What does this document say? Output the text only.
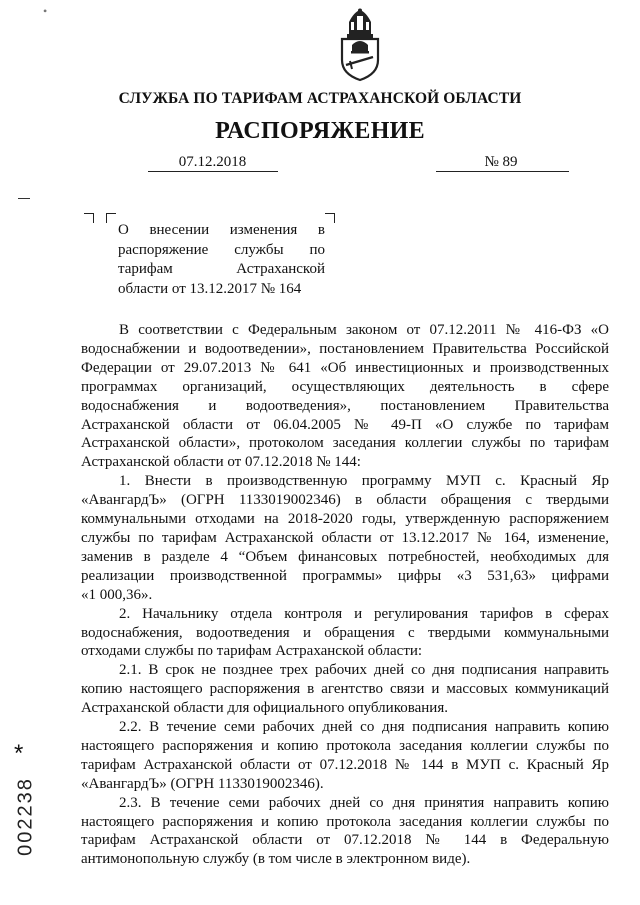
•
СЛУЖБА ПО ТАРИФАМ АСТРАХАНСКОЙ ОБЛАСТИ
РАСПОРЯЖЕНИЕ
07.12.2018	№ 89
О внесении изменения в
распоряжение службы по
тарифам Астраханской
области от 13.12.2017 № 164
В соответствии с Федеральным законом от 07.12.2011 № 416-ФЗ «О
водоснабжении и водоотведении», постановлением Правительства Российской
Федерации от 29.07.2013 № 641 «Об инвестиционных и производственных
программах организаций, осуществляющих деятельность в сфере
водоснабжения и водоотведения», постановлением Правительства
Астраханской области от 06.04.2005 № 49-П «О службе по тарифам
Астраханской области», протоколом заседания коллегии службы по тарифам
Астраханской области от 07.12.2018 № 144:
1. Внести в производственную программу МУП с. Красный Яр
«АвангардЪ» (ОГРН 1133019002346) в области обращения с твердыми
коммунальными отходами на 2018-2020 годы, утвержденную распоряжением
службы по тарифам Астраханской области от 13.12.2017 № 164, изменение,
заменив в разделе 4 “Объем финансовых потребностей, необходимых для
реализации производственной программы» цифры «3 531,63» цифрами
«1 000,36».
2. Начальнику отдела контроля и регулирования тарифов в сферах
водоснабжения, водоотведения и обращения с твердыми коммунальными
отходами службы по тарифам Астраханской области:
2.1. В срок не позднее трех рабочих дней со дня подписания направить
копию настоящего распоряжения в агентство связи и массовых коммуникаций
Астраханской области для официального опубликования.
2.2. В течение семи рабочих дней со дня подписания направить копию
настоящего распоряжения и копию протокола заседания коллегии службы по
тарифам Астраханской области от 07.12.2018 № 144 в МУП с. Красный Яр
«АвангардЪ» (ОГРН 1133019002346).
2.3. В течение семи рабочих дней со дня принятия направить копию
настоящего распоряжения и копию протокола заседания коллегии службы по
тарифам Астраханской области от 07.12.2018 № 144 в Федеральную
антимонопольную службу (в том числе в электронном виде).
*
002238
